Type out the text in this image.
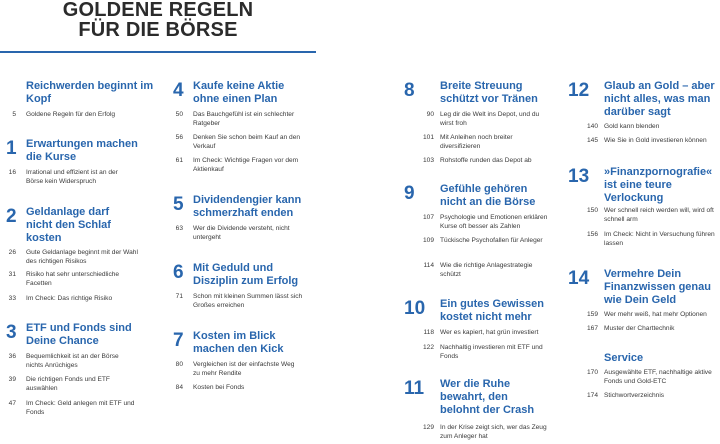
GOLDENE REGELN
FÜR DIE BÖRSE
Reichwerden beginnt im Kopf
5 Goldene Regeln für den Erfolg
1 Erwartungen machen die Kurse
16 Irrational und effizient ist an der Börse kein Widerspruch
2 Geldanlage darf nicht den Schlaf kosten
26 Gute Geldanlage beginnt mit der Wahl des richtigen Risikos
31 Risiko hat sehr unterschiedliche Facetten
33 Im Check: Das richtige Risiko
3 ETF und Fonds sind Deine Chance
36 Bequemlichkeit ist an der Börse nichts Anrüchiges
39 Die richtigen Fonds und ETF auswählen
47 Im Check: Geld anlegen mit ETF und Fonds
4 Kaufe keine Aktie ohne einen Plan
50 Das Bauchgefühl ist ein schlechter Ratgeber
56 Denken Sie schon beim Kauf an den Verkauf
61 Im Check: Wichtige Fragen vor dem Aktienkauf
5 Dividendengier kann schmerzhaft enden
63 Wer die Dividende versteht, nicht untergeht
6 Mit Geduld und Disziplin zum Erfolg
71 Schon mit kleinen Summen lässt sich Großes erreichen
7 Kosten im Blick machen den Kick
80 Vergleichen ist der einfachste Weg zu mehr Rendite
84 Kosten bei Fonds
8	Breite Streuung schützt vor Tränen
90 Leg dir die Welt ins Depot, und du wirst froh
101 Mit Anleihen noch breiter diversifizieren
103 Rohstoffe runden das Depot ab
9	Gefühle gehören nicht an die Börse
107 Psychologie und Emotionen erklären Kurse oft besser als Zahlen
109 Tückische Psychofallen für Anleger
114 Wie die richtige Anlagestrategie schützt
10 Ein gutes Gewissen kostet nicht mehr
118 Wer es kapiert, hat grün investiert
122 Nachhaltig investieren mit ETF und Fonds
11 Wer die Ruhe bewahrt, den belohnt der Crash
129 In der Krise zeigt sich, wer das Zeug zum Anleger hat
12 Glaub an Gold – aber nicht alles, was man darüber sagt
140 Gold kann blenden
145 Wie Sie in Gold investieren können
13 »Finanzpornografie« ist eine teure Verlockung
150 Wer schnell reich werden will, wird oft schnell arm
156 Im Check: Nicht in Versuchung führen lassen
14 Vermehre Dein Finanzwissen genau wie Dein Geld
159 Wer mehr weiß, hat mehr Optionen
167 Muster der Charttechnik
Service
170 Ausgewählte ETF, nachhaltige aktive Fonds und Gold-ETC
174 Stichwortverzeichnis
